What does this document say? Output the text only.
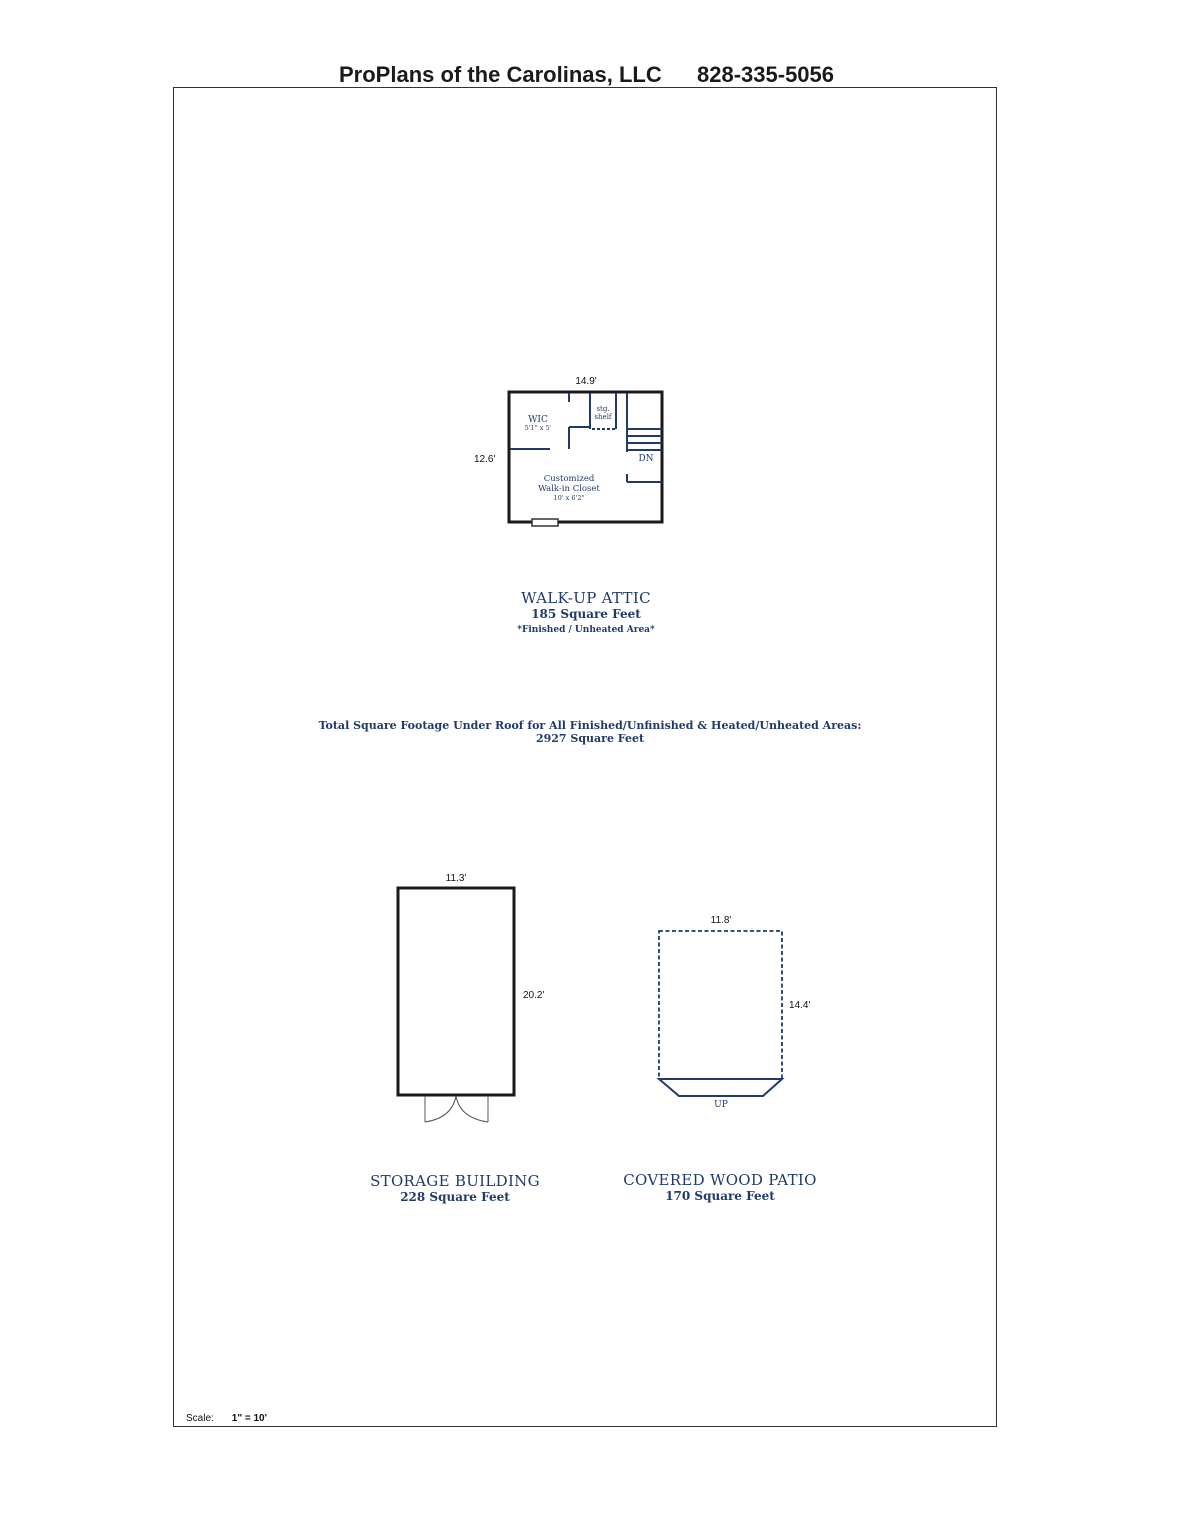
ProPlans of the Carolinas, LLC 828-335-5056
14.9'
12.6'
WIC
5'1" x 5'
stg.
shelf
DN
Customized
Walk-in Closet
10' x 6'2"
11.3'
20.2'
11.8'
14.4'
UP
WALK-UP ATTIC
185 Square Feet
*Finished / Unheated Area*
Total Square Footage Under Roof for All Finished/Unfinished & Heated/Unheated Areas:
2927 Square Feet
STORAGE BUILDING
228 Square Feet
COVERED WOOD PATIO
170 Square Feet
Scale: 1" = 10'
